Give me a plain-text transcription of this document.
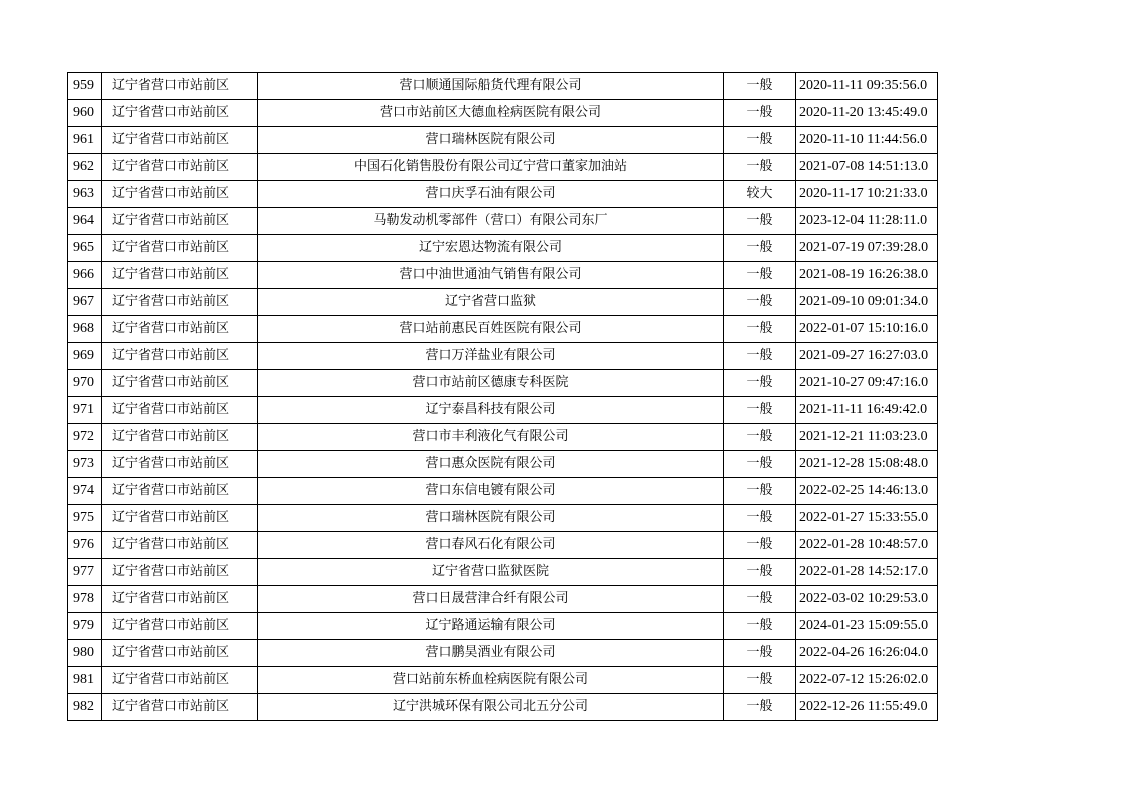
959	辽宁省营口市站前区	营口顺通国际船货代理有限公司	一般	2020-11-11 09:35:56.0
960	辽宁省营口市站前区	营口市站前区大德血栓病医院有限公司	一般	2020-11-20 13:45:49.0
961	辽宁省营口市站前区	营口瑞林医院有限公司	一般	2020-11-10 11:44:56.0
962	辽宁省营口市站前区	中国石化销售股份有限公司辽宁营口董家加油站	一般	2021-07-08 14:51:13.0
963	辽宁省营口市站前区	营口庆孚石油有限公司	较大	2020-11-17 10:21:33.0
964	辽宁省营口市站前区	马勒发动机零部件（营口）有限公司东厂	一般	2023-12-04 11:28:11.0
965	辽宁省营口市站前区	辽宁宏恩达物流有限公司	一般	2021-07-19 07:39:28.0
966	辽宁省营口市站前区	营口中油世通油气销售有限公司	一般	2021-08-19 16:26:38.0
967	辽宁省营口市站前区	辽宁省营口监狱	一般	2021-09-10 09:01:34.0
968	辽宁省营口市站前区	营口站前惠民百姓医院有限公司	一般	2022-01-07 15:10:16.0
969	辽宁省营口市站前区	营口万洋盐业有限公司	一般	2021-09-27 16:27:03.0
970	辽宁省营口市站前区	营口市站前区德康专科医院	一般	2021-10-27 09:47:16.0
971	辽宁省营口市站前区	辽宁泰昌科技有限公司	一般	2021-11-11 16:49:42.0
972	辽宁省营口市站前区	营口市丰利液化气有限公司	一般	2021-12-21 11:03:23.0
973	辽宁省营口市站前区	营口惠众医院有限公司	一般	2021-12-28 15:08:48.0
974	辽宁省营口市站前区	营口东信电镀有限公司	一般	2022-02-25 14:46:13.0
975	辽宁省营口市站前区	营口瑞林医院有限公司	一般	2022-01-27 15:33:55.0
976	辽宁省营口市站前区	营口春风石化有限公司	一般	2022-01-28 10:48:57.0
977	辽宁省营口市站前区	辽宁省营口监狱医院	一般	2022-01-28 14:52:17.0
978	辽宁省营口市站前区	营口日晟营津合纤有限公司	一般	2022-03-02 10:29:53.0
979	辽宁省营口市站前区	辽宁路通运输有限公司	一般	2024-01-23 15:09:55.0
980	辽宁省营口市站前区	营口鹏昊酒业有限公司	一般	2022-04-26 16:26:04.0
981	辽宁省营口市站前区	营口站前东桥血栓病医院有限公司	一般	2022-07-12 15:26:02.0
982	辽宁省营口市站前区	辽宁洪城环保有限公司北五分公司	一般	2022-12-26 11:55:49.0
